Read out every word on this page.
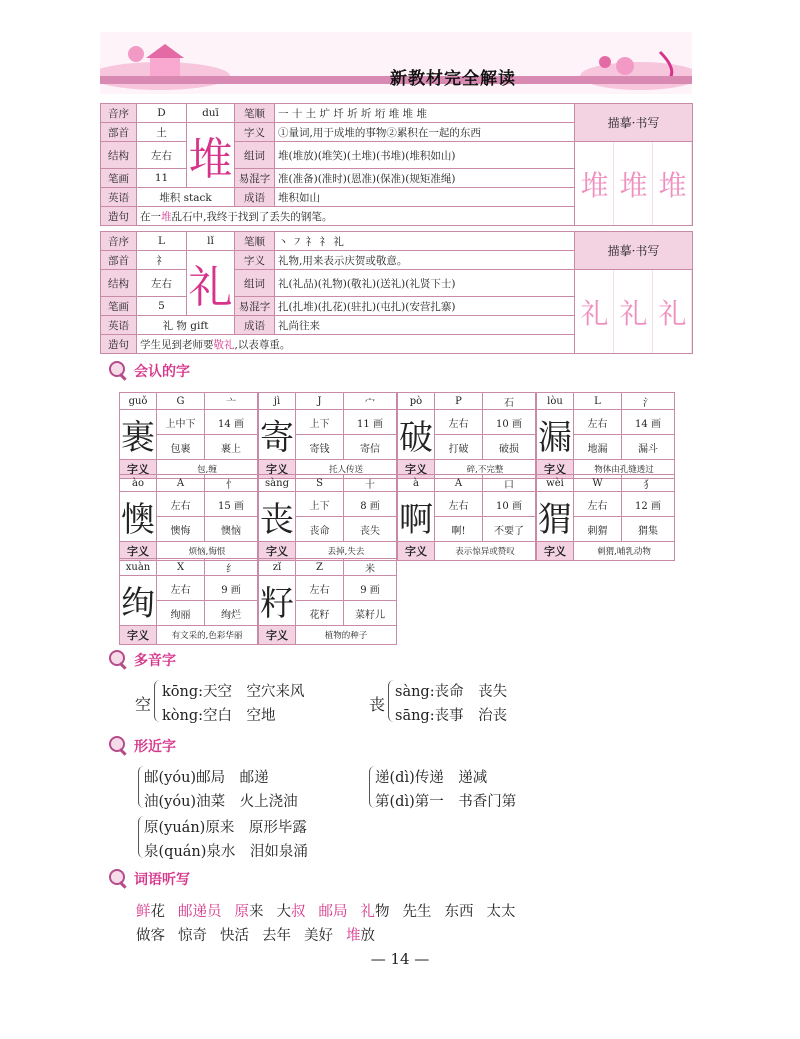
新教材完全解读
音序	D	duī	笔顺	一 十 土 圹 圲 圻 圻 垳 堆 堆 堆	描摹·书写
部首	土	堆	字义	①量词,用于成堆的事物②累积在一起的东西	
结构	左右		组词	堆(堆放)(堆笑)(土堆)(书堆)(堆积如山)	堆 堆 堆

笔画	11		易混字	准(准备)(准时)(恩准)(保准)(规矩准绳)	
英语	堆积 stack		成语	堆积如山	
造句	在一堆乱石中,我终于找到了丢失的钢笔。				
音序	L	lǐ	笔顺	丶 ㇇ 礻 礻 礼	描摹·书写
部首	礻	礼	字义	礼物,用来表示庆贺或敬意。	
结构	左右		组词	礼(礼品)(礼物)(敬礼)(送礼)(礼贤下士)	礼 礼 礼

笔画	5		易混字	扎(扎堆)(扎花)(驻扎)(屯扎)(安营扎寨)	
英语	礼 物 gift		成语	礼尚往来	
造句	学生见到老师要敬礼,以表尊重。				
会认的字
guǒ	G	亠
裹	上中下	14 画
	包裹	裹上
字义	包,缠	
jì	J	宀
寄	上下	11 画
	寄钱	寄信
字义	托人传送	
pò	P	石
破	左右	10 画
	打破	破损
字义	碎,不完整	
lòu	L	氵
漏	左右	14 画
	地漏	漏斗
字义	物体由孔缝透过	
ào	A	忄
懊	左右	15 画
	懊悔	懊恼
字义	烦恼,悔恨	
sàng	S	十
丧	上下	8 画
	丧命	丧失
字义	丢掉,失去	
à	A	口
啊	左右	10 画
	啊!	不要了
字义	表示惊异或赞叹	
wèi	W	犭
猬	左右	12 画
	刺猬	猬集
字义	刺猬,哺乳动物	
xuàn	X	纟
绚	左右	9 画
	绚丽	绚烂
字义	有文采的,色彩华丽	
zǐ	Z	米
籽	左右	9 画
	花籽	菜籽儿
字义	植物的种子	
多音字
空
kōng:天空　空穴来风
kòng:空白　空地
丧
sàng:丧命　丧失
sāng:丧事　治丧
形近字
邮(yóu)邮局　邮递
油(yóu)油菜　火上浇油
递(dì)传递　递减
第(dì)第一　书香门第
原(yuán)原来　原形毕露
泉(quán)泉水　泪如泉涌
词语听写
鲜花 邮递员 原来 大叔 邮局 礼物 先生 东西 太太
做客 惊奇 快活 去年 美好 堆放
— 14 —
